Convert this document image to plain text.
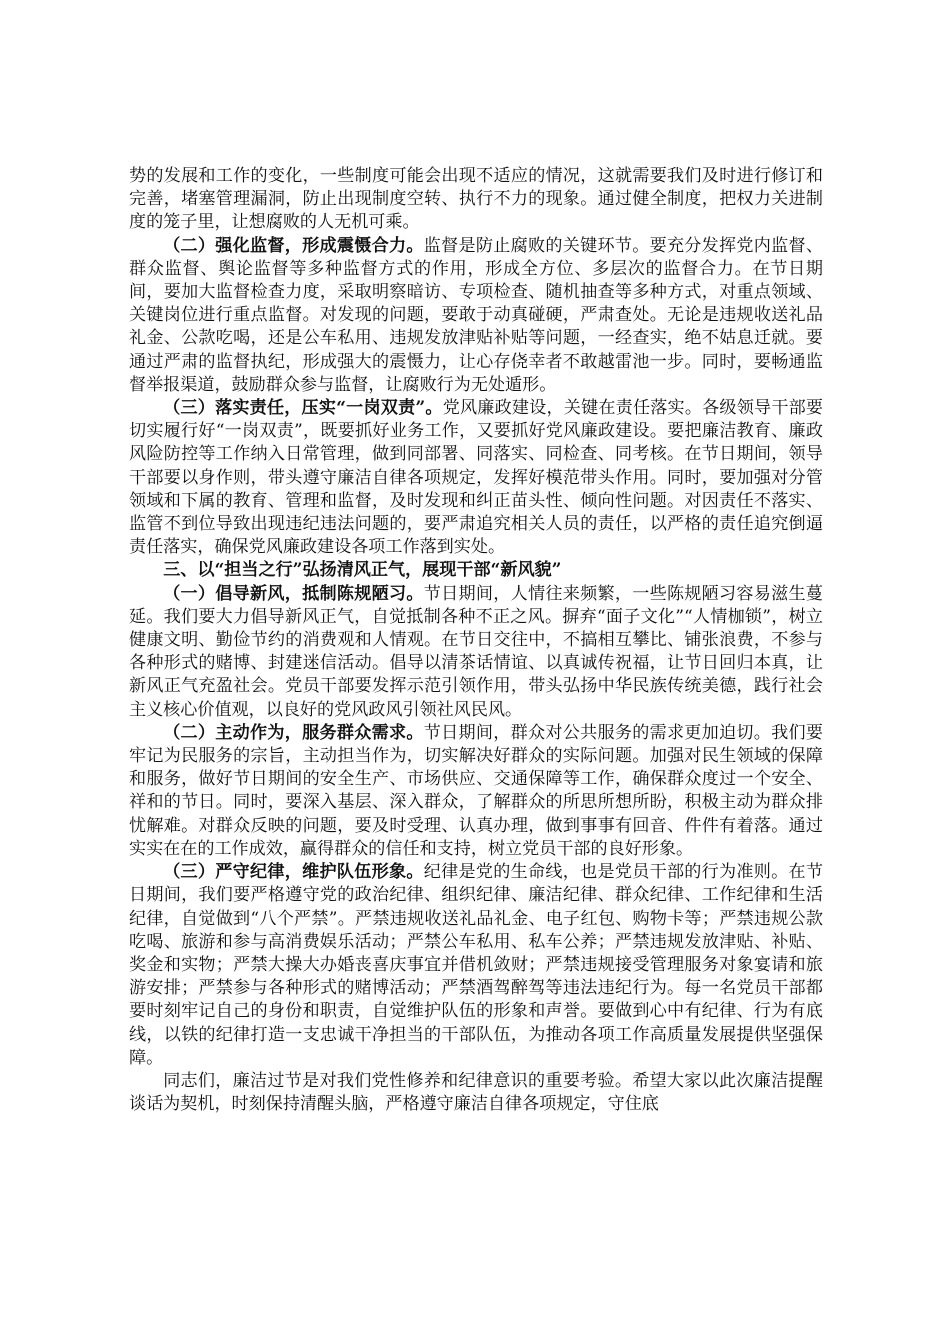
势的发展和工作的变化，一些制度可能会出现不适应的情况，这就需要我们及时进行修订和完善，堵塞管理漏洞，防止出现制度空转、执行不力的现象。通过健全制度，把权力关进制度的笼子里，让想腐败的人无机可乘。

（二）强化监督，形成震慑合力。监督是防止腐败的关键环节。要充分发挥党内监督、群众监督、舆论监督等多种监督方式的作用，形成全方位、多层次的监督合力。在节日期间，要加大监督检查力度，采取明察暗访、专项检查、随机抽查等多种方式，对重点领域、关键岗位进行重点监督。对发现的问题，要敢于动真碰硬，严肃查处。无论是违规收送礼品礼金、公款吃喝，还是公车私用、违规发放津贴补贴等问题，一经查实，绝不姑息迁就。要通过严肃的监督执纪，形成强大的震慑力，让心存侥幸者不敢越雷池一步。同时，要畅通监督举报渠道，鼓励群众参与监督，让腐败行为无处遁形。

（三）落实责任，压实“一岗双责”。党风廉政建设，关键在责任落实。各级领导干部要切实履行好“一岗双责”，既要抓好业务工作，又要抓好党风廉政建设。要把廉洁教育、廉政风险防控等工作纳入日常管理，做到同部署、同落实、同检查、同考核。在节日期间，领导干部要以身作则，带头遵守廉洁自律各项规定，发挥好模范带头作用。同时，要加强对分管领域和下属的教育、管理和监督，及时发现和纠正苗头性、倾向性问题。对因责任不落实、监管不到位导致出现违纪违法问题的，要严肃追究相关人员的责任，以严格的责任追究倒逼责任落实，确保党风廉政建设各项工作落到实处。

三、以“担当之行”弘扬清风正气，展现干部“新风貌”

（一）倡导新风，抵制陈规陋习。节日期间，人情往来频繁，一些陈规陋习容易滋生蔓延。我们要大力倡导新风正气，自觉抵制各种不正之风。摒弃“面子文化”“人情枷锁”，树立健康文明、勤俭节约的消费观和人情观。在节日交往中，不搞相互攀比、铺张浪费，不参与各种形式的赌博、封建迷信活动。倡导以清茶话情谊、以真诚传祝福，让节日回归本真，让新风正气充盈社会。党员干部要发挥示范引领作用，带头弘扬中华民族传统美德，践行社会主义核心价值观，以良好的党风政风引领社风民风。

（二）主动作为，服务群众需求。节日期间，群众对公共服务的需求更加迫切。我们要牢记为民服务的宗旨，主动担当作为，切实解决好群众的实际问题。加强对民生领域的保障和服务，做好节日期间的安全生产、市场供应、交通保障等工作，确保群众度过一个安全、祥和的节日。同时，要深入基层、深入群众，了解群众的所思所想所盼，积极主动为群众排忧解难。对群众反映的问题，要及时受理、认真办理，做到事事有回音、件件有着落。通过实实在在的工作成效，赢得群众的信任和支持，树立党员干部的良好形象。

（三）严守纪律，维护队伍形象。纪律是党的生命线，也是党员干部的行为准则。在节日期间，我们要严格遵守党的政治纪律、组织纪律、廉洁纪律、群众纪律、工作纪律和生活纪律，自觉做到“八个严禁”。严禁违规收送礼品礼金、电子红包、购物卡等；严禁违规公款吃喝、旅游和参与高消费娱乐活动；严禁公车私用、私车公养；严禁违规发放津贴、补贴、奖金和实物；严禁大操大办婚丧喜庆事宜并借机敛财；严禁违规接受管理服务对象宴请和旅游安排；严禁参与各种形式的赌博活动；严禁酒驾醉驾等违法违纪行为。每一名党员干部都要时刻牢记自己的身份和职责，自觉维护队伍的形象和声誉。要做到心中有纪律、行为有底线，以铁的纪律打造一支忠诚干净担当的干部队伍，为推动各项工作高质量发展提供坚强保障。

同志们，廉洁过节是对我们党性修养和纪律意识的重要考验。希望大家以此次廉洁提醒谈话为契机，时刻保持清醒头脑，严格遵守廉洁自律各项规定，守住底
